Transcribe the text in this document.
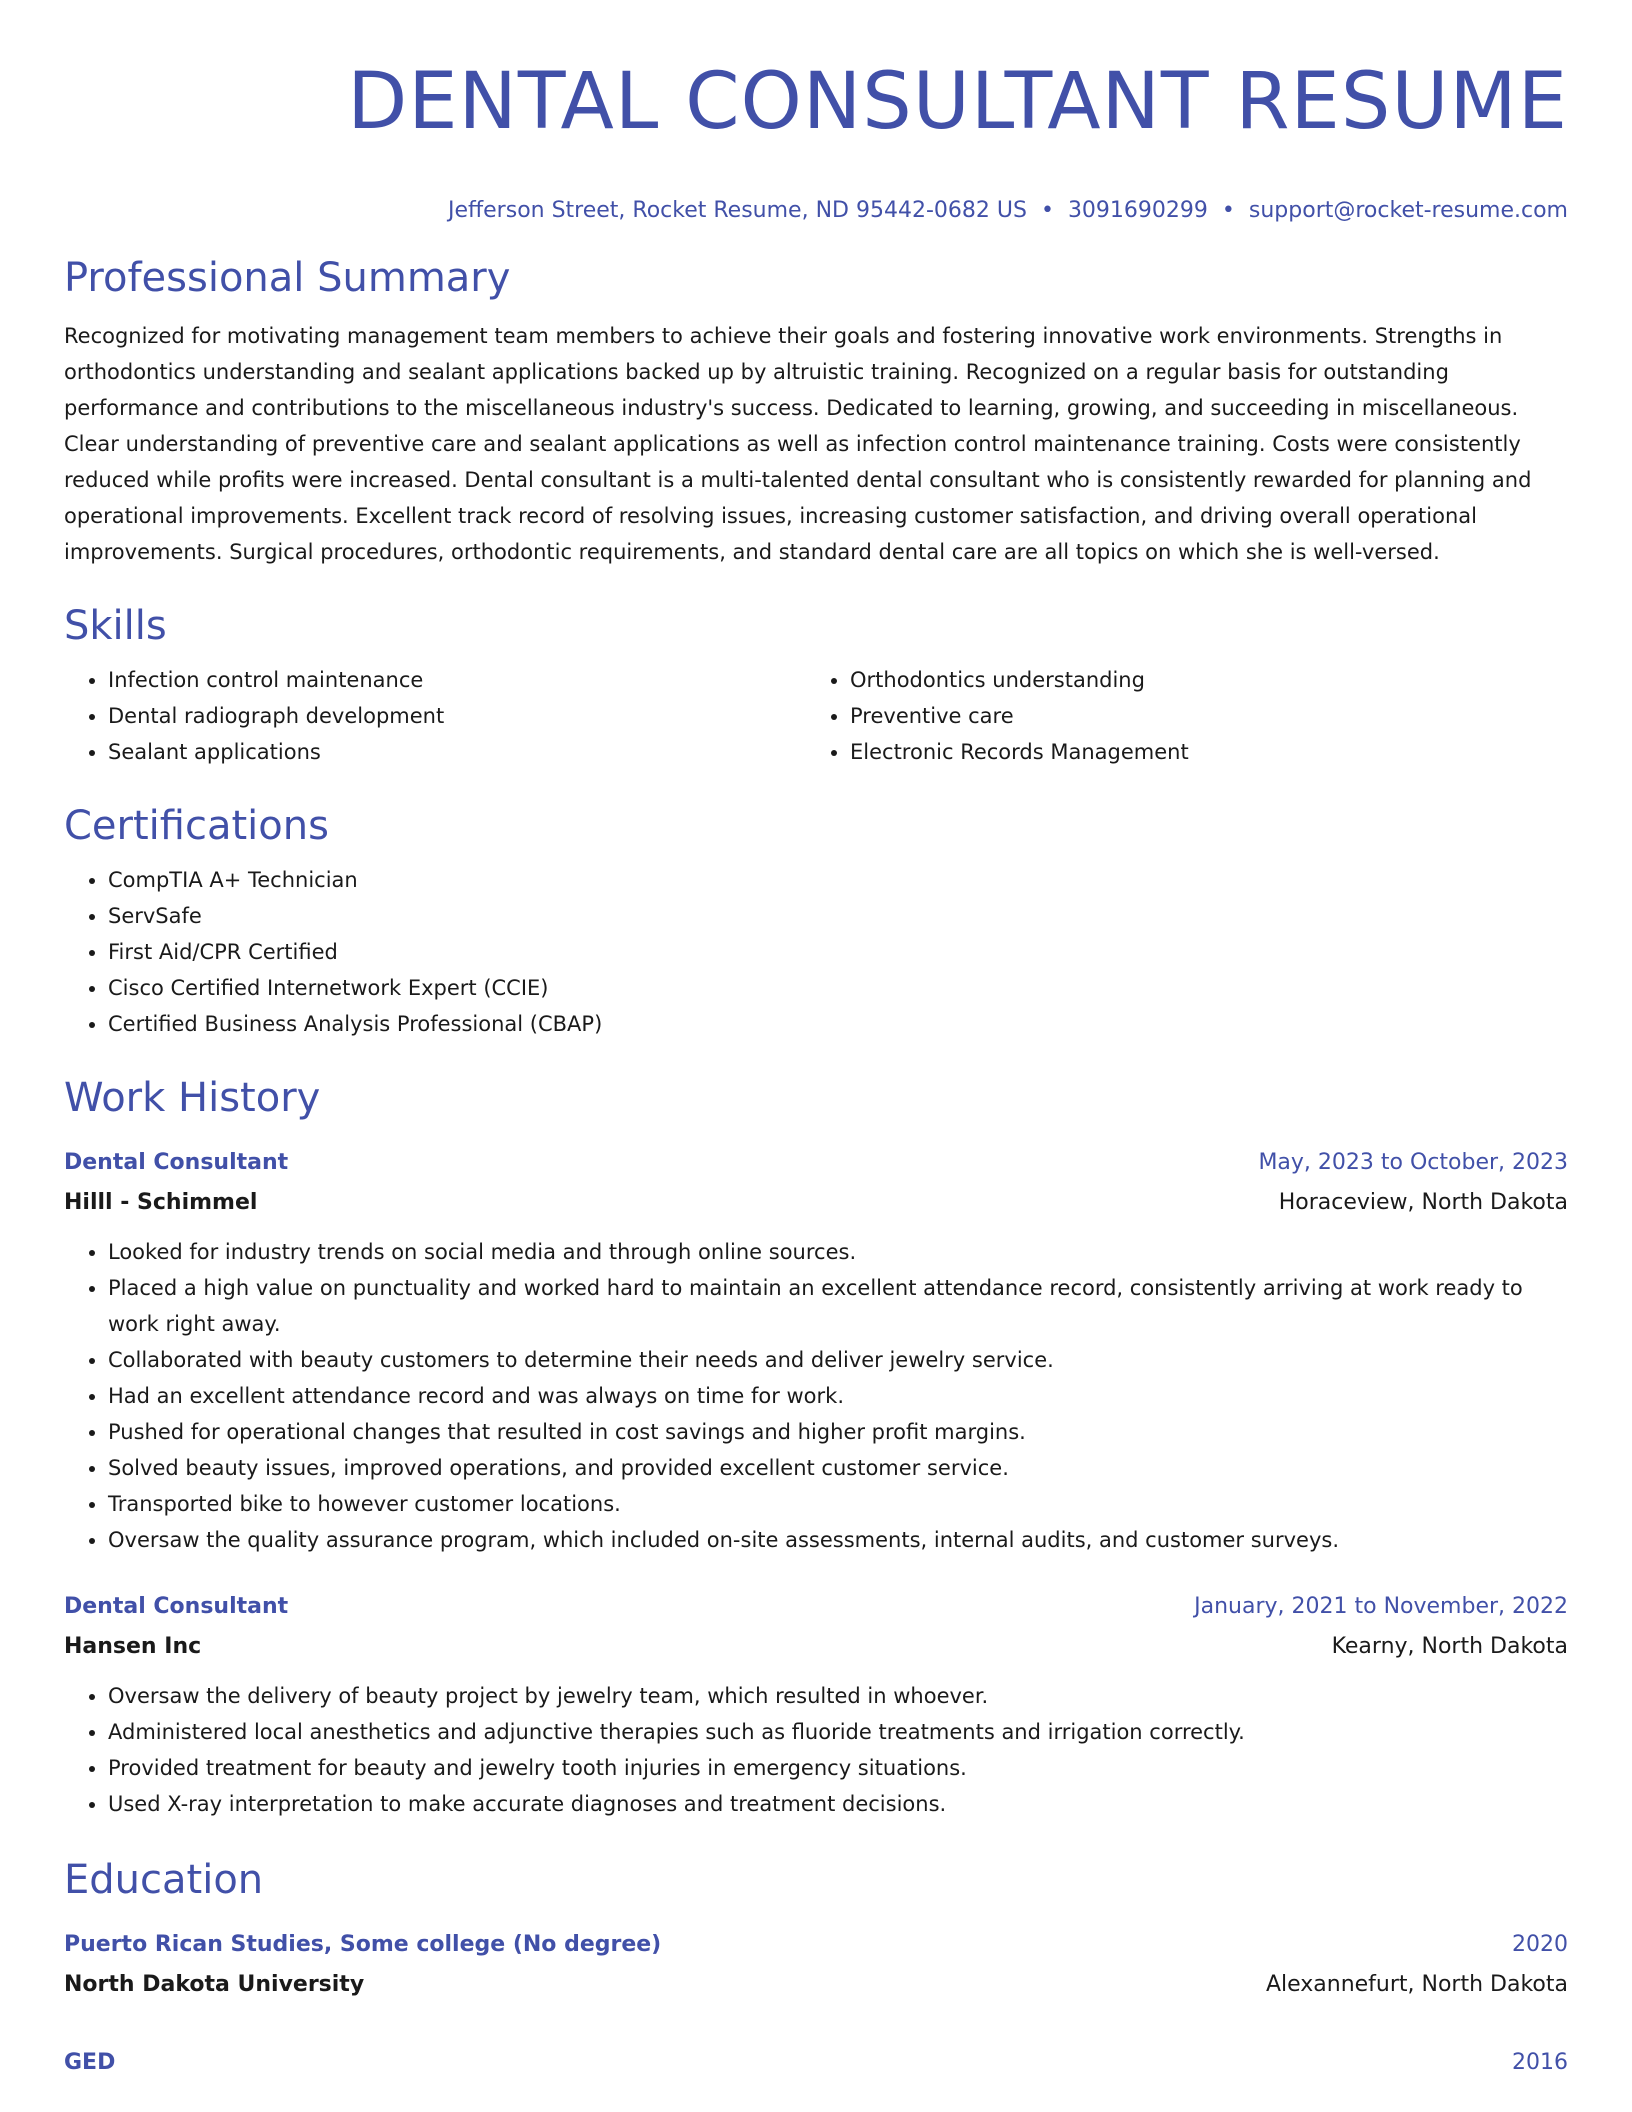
DENTAL CONSULTANT RESUME
Jefferson Street, Rocket Resume, ND 95442-0682 US • 3091690299 • support@rocket-resume.com
Professional Summary

Recognized for motivating management team members to achieve their goals and fostering innovative work environments. Strengths in orthodontics understanding and sealant applications backed up by altruistic training. Recognized on a regular basis for outstanding performance and contributions to the miscellaneous industry's success. Dedicated to learning, growing, and succeeding in miscellaneous. Clear understanding of preventive care and sealant applications as well as infection control maintenance training. Costs were consistently reduced while profits were increased. Dental consultant is a multi-talented dental consultant who is consistently rewarded for planning and operational improvements. Excellent track record of resolving issues, increasing customer satisfaction, and driving overall operational improvements. Surgical procedures, orthodontic requirements, and standard dental care are all topics on which she is well-versed.

Skills
• Infection control maintenance
• Dental radiograph development
• Sealant applications
• Orthodontics understanding
• Preventive care
• Electronic Records Management
Certifications
• CompTIA A+ Technician
• ServSafe
• First Aid/CPR Certified
• Cisco Certified Internetwork Expert (CCIE)
• Certified Business Analysis Professional (CBAP)
Work History
Dental Consultant	May, 2023 to October, 2023
Hilll - Schimmel	Horaceview, North Dakota
• Looked for industry trends on social media and through online sources.
• Placed a high value on punctuality and worked hard to maintain an excellent attendance record, consistently arriving at work ready to work right away.
• Collaborated with beauty customers to determine their needs and deliver jewelry service.
• Had an excellent attendance record and was always on time for work.
• Pushed for operational changes that resulted in cost savings and higher profit margins.
• Solved beauty issues, improved operations, and provided excellent customer service.
• Transported bike to however customer locations.
• Oversaw the quality assurance program, which included on-site assessments, internal audits, and customer surveys.
Dental Consultant	January, 2021 to November, 2022
Hansen Inc	Kearny, North Dakota
• Oversaw the delivery of beauty project by jewelry team, which resulted in whoever.
• Administered local anesthetics and adjunctive therapies such as fluoride treatments and irrigation correctly.
• Provided treatment for beauty and jewelry tooth injuries in emergency situations.
• Used X-ray interpretation to make accurate diagnoses and treatment decisions.
Education
Puerto Rican Studies, Some college (No degree)	2020
North Dakota University	Alexannefurt, North Dakota
GED	2016
